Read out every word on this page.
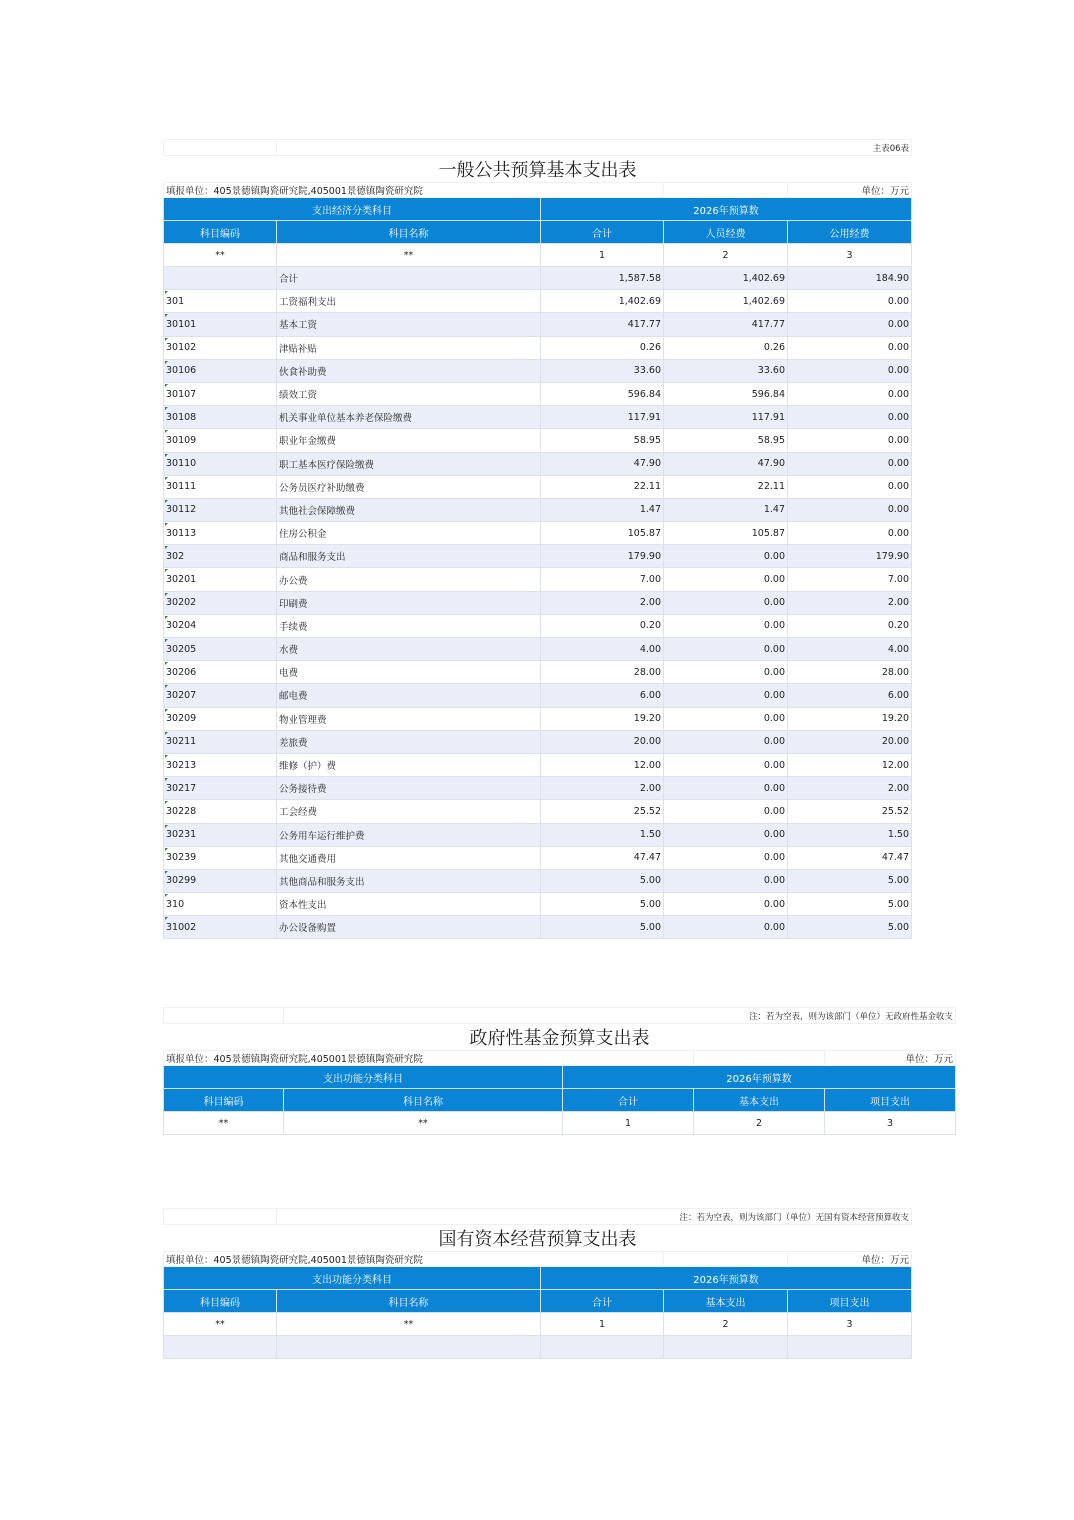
	主表06表			
一般公共预算基本支出表				
填报单位：405景德镇陶瓷研究院,405001景德镇陶瓷研究院				单位：万元
支出经济分类科目		2026年预算数		
科目编码	科目名称	合计	人员经费	公用经费
**	**	1	2	3
	合计	1,587.58	1,402.69	184.90
301	工资福利支出	1,402.69	1,402.69	0.00
30101	基本工资	417.77	417.77	0.00
30102	津贴补贴	0.26	0.26	0.00
30106	伙食补助费	33.60	33.60	0.00
30107	绩效工资	596.84	596.84	0.00
30108	机关事业单位基本养老保险缴费	117.91	117.91	0.00
30109	职业年金缴费	58.95	58.95	0.00
30110	职工基本医疗保险缴费	47.90	47.90	0.00
30111	公务员医疗补助缴费	22.11	22.11	0.00
30112	其他社会保障缴费	1.47	1.47	0.00
30113	住房公积金	105.87	105.87	0.00
302	商品和服务支出	179.90	0.00	179.90
30201	办公费	7.00	0.00	7.00
30202	印刷费	2.00	0.00	2.00
30204	手续费	0.20	0.00	0.20
30205	水费	4.00	0.00	4.00
30206	电费	28.00	0.00	28.00
30207	邮电费	6.00	0.00	6.00
30209	物业管理费	19.20	0.00	19.20
30211	差旅费	20.00	0.00	20.00
30213	维修（护）费	12.00	0.00	12.00
30217	公务接待费	2.00	0.00	2.00
30228	工会经费	25.52	0.00	25.52
30231	公务用车运行维护费	1.50	0.00	1.50
30239	其他交通费用	47.47	0.00	47.47
30299	其他商品和服务支出	5.00	0.00	5.00
310	资本性支出	5.00	0.00	5.00
31002	办公设备购置	5.00	0.00	5.00
	注：若为空表，则为该部门（单位）无政府性基金收支			
政府性基金预算支出表				
填报单位：405景德镇陶瓷研究院,405001景德镇陶瓷研究院				单位：万元
支出功能分类科目		2026年预算数		
科目编码	科目名称	合计	基本支出	项目支出
**	**	1	2	3
	注：若为空表，则为该部门（单位）无国有资本经营预算收支			
国有资本经营预算支出表				
填报单位：405景德镇陶瓷研究院,405001景德镇陶瓷研究院				单位：万元
支出功能分类科目		2026年预算数		
科目编码	科目名称	合计	基本支出	项目支出
**	**	1	2	3
